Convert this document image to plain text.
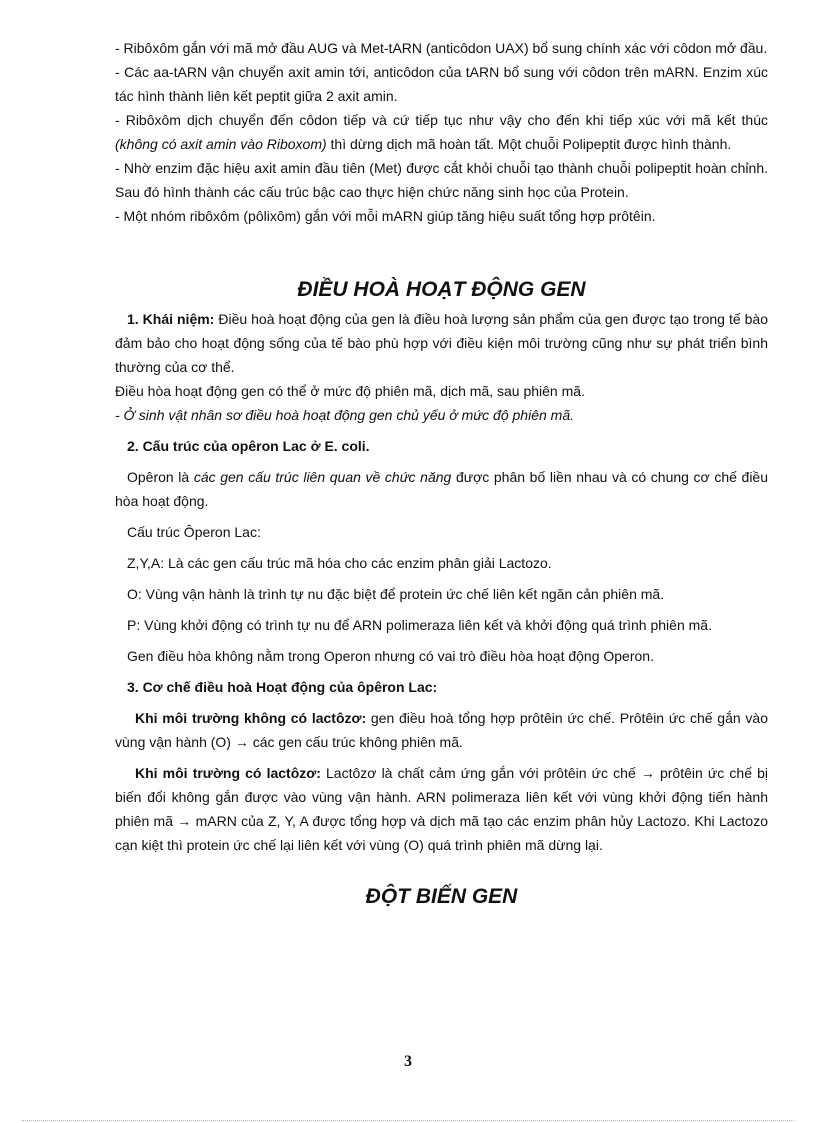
- Ribôxôm gắn với mã mở đầu AUG và Met-tARN (anticôdon UAX) bổ sung chính xác với côdon mở đầu.

- Các aa-tARN vận chuyển axit amin tới, anticôdon của tARN bổ sung với côdon trên mARN. Enzim xúc tác hình thành liên kết peptit giữa 2 axit amin.

- Ribôxôm dịch chuyển đến côdon tiếp và cứ tiếp tục như vậy cho đến khi tiếp xúc với mã kết thúc (không có axit amin vào Riboxom) thì dừng dịch mã hoàn tất. Một chuỗi Polipeptit được hình thành.

- Nhờ enzim đặc hiệu axit amin đầu tiên (Met) được cắt khỏi chuỗi tạo thành chuỗi polipeptit hoàn chỉnh. Sau đó hình thành các cấu trúc bậc cao thực hiện chức năng sinh học của Protein.

- Một nhóm ribôxôm (pôlixôm) gắn với mỗi mARN giúp tăng hiệu suất tổng hợp prôtêin.

ĐIỀU HOÀ HOẠT ĐỘNG GEN

1. Khái niệm: Điều hoà hoạt động của gen là điều hoà lượng sản phẩm của gen được tạo trong tế bào đảm bảo cho hoạt động sống của tế bào phù hợp với điều kiện môi trường cũng như sự phát triển bình thường của cơ thể.

Điều hòa hoạt động gen có thể ở mức độ phiên mã, dịch mã, sau phiên mã.

- Ở sinh vật nhân sơ điều hoà hoạt động gen chủ yếu ở mức độ phiên mã.

2. Cấu trúc của opêron Lac ở E. coli.

Opêron là các gen cấu trúc liên quan về chức năng được phân bố liền nhau và có chung cơ chế điều hòa hoạt động.

Cấu trúc Ôperon Lac:

Z,Y,A: Là các gen cấu trúc mã hóa cho các enzim phân giải Lactozo.

O: Vùng vận hành là trình tự nu đặc biệt để protein ức chế liên kết ngăn cản phiên mã.

P: Vùng khởi động có trình tự nu để ARN polimeraza liên kết và khởi động quá trình phiên mã.

Gen điều hòa không nằm trong Operon nhưng có vai trò điều hòa hoạt động Operon.

3. Cơ chế điều hoà Hoạt động của ôpêron Lac:

Khi môi trường không có lactôzơ: gen điều hoà tổng hợp prôtêin ức chế. Prôtêin ức chế gắn vào vùng vận hành (O) → các gen cấu trúc không phiên mã.

Khi môi trường có lactôzơ: Lactôzơ là chất cảm ứng gắn với prôtêin ức chế → prôtêin ức chế bị biến đổi không gắn được vào vùng vận hành. ARN polimeraza liên kết với vùng khởi động tiến hành phiên mã → mARN của Z, Y, A được tổng hợp và dịch mã tạo các enzim phân hủy Lactozo. Khi Lactozo cạn kiệt thì protein ức chế lại liên kết với vùng (O) quá trình phiên mã dừng lại.

ĐỘT BIẾN GEN
3
